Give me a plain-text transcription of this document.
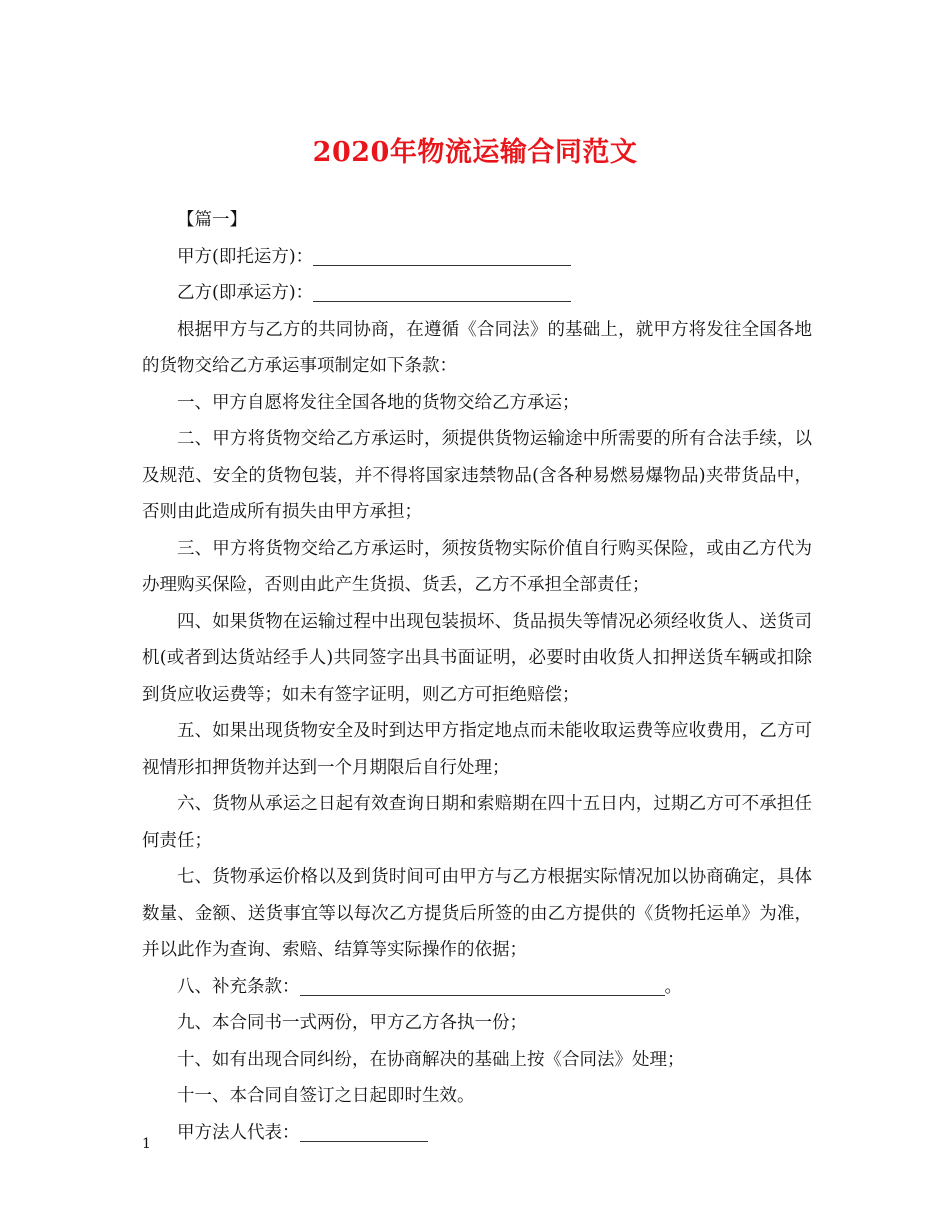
2020年物流运输合同范文

【篇一】

甲方(即托运方)：

乙方(即承运方)：

根据甲方与乙方的共同协商，在遵循《合同法》的基础上，就甲方将发往全国各地的货物交给乙方承运事项制定如下条款：

一、甲方自愿将发往全国各地的货物交给乙方承运；

二、甲方将货物交给乙方承运时，须提供货物运输途中所需要的所有合法手续，以及规范、安全的货物包装，并不得将国家违禁物品(含各种易燃易爆物品)夹带货品中，否则由此造成所有损失由甲方承担；

三、甲方将货物交给乙方承运时，须按货物实际价值自行购买保险，或由乙方代为办理购买保险，否则由此产生货损、货丢，乙方不承担全部责任；

四、如果货物在运输过程中出现包装损坏、货品损失等情况必须经收货人、送货司机(或者到达货站经手人)共同签字出具书面证明，必要时由收货人扣押送货车辆或扣除到货应收运费等；如未有签字证明，则乙方可拒绝赔偿；

五、如果出现货物安全及时到达甲方指定地点而未能收取运费等应收费用，乙方可视情形扣押货物并达到一个月期限后自行处理；

六、货物从承运之日起有效查询日期和索赔期在四十五日内，过期乙方可不承担任何责任；

七、货物承运价格以及到货时间可由甲方与乙方根据实际情况加以协商确定，具体数量、金额、送货事宜等以每次乙方提货后所签的由乙方提供的《货物托运单》为准，并以此作为查询、索赔、结算等实际操作的依据；

八、补充条款：	。

九、本合同书一式两份，甲方乙方各执一份；

十、如有出现合同纠纷，在协商解决的基础上按《合同法》处理；

十一、本合同自签订之日起即时生效。

甲方法人代表：

1
